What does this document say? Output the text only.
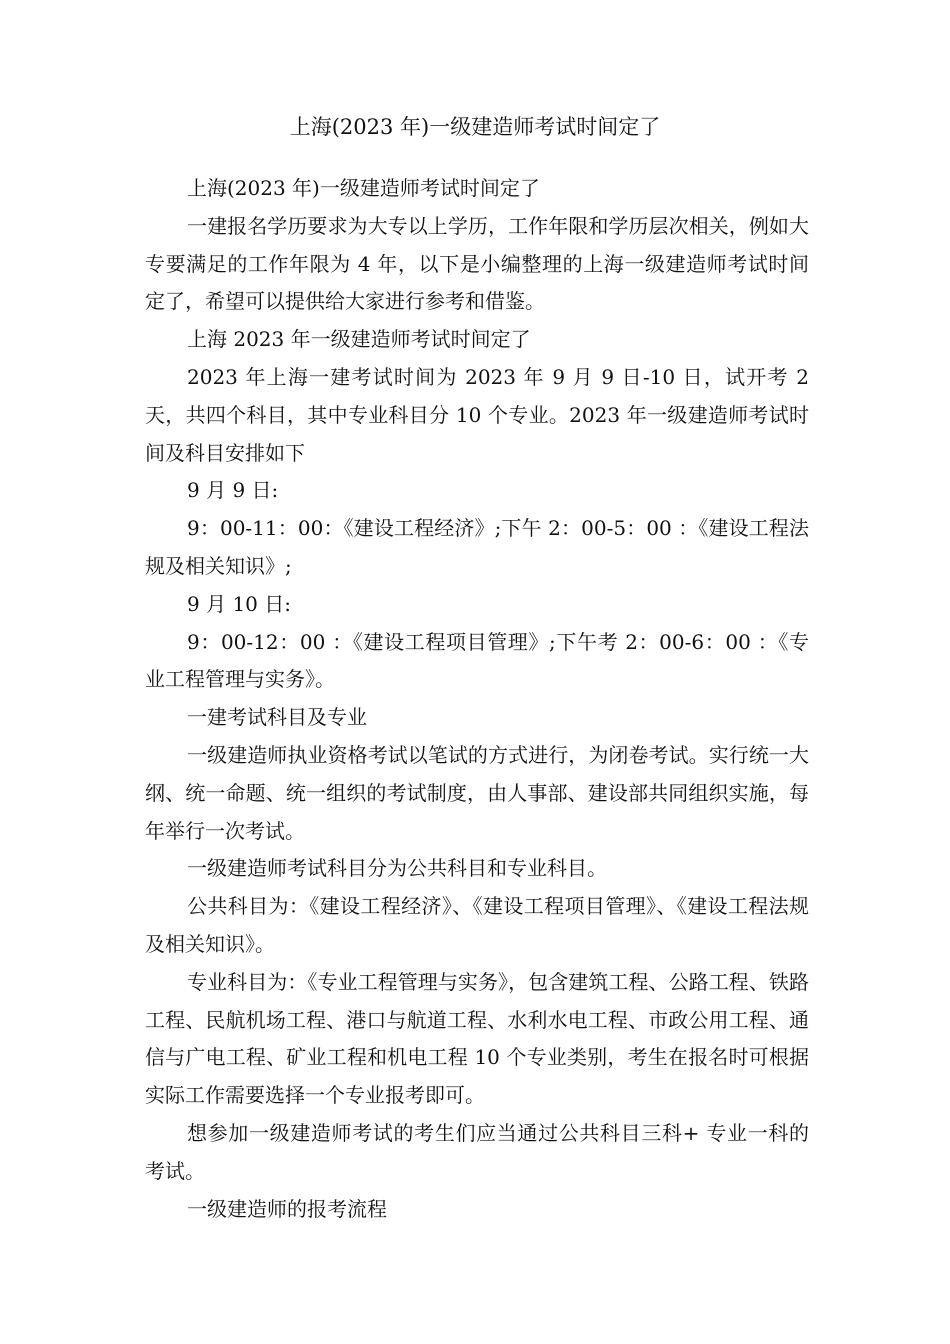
上海(2023 年)一级建造师考试时间定了

上海(2023 年)一级建造师考试时间定了

一建报名学历要求为大专以上学历，工作年限和学历层次相关，例如大专要满足的工作年限为 4 年，以下是小编整理的上海一级建造师考试时间定了，希望可以提供给大家进行参考和借鉴。

上海 2023 年一级建造师考试时间定了

2023 年上海一建考试时间为 2023 年 9 月 9 日-10 日，试开考 2 天，共四个科目，其中专业科目分 10 个专业。2023 年一级建造师考试时间及科目安排如下

9 月 9 日:

9：00-11：00：《建设工程经济》;下午 2：00-5：00 ：《建设工程法规及相关知识》;

9 月 10 日:

9：00-12：00 ：《建设工程项目管理》;下午考 2：00-6：00 ：《专业工程管理与实务》。

一建考试科目及专业

一级建造师执业资格考试以笔试的方式进行，为闭卷考试。实行统一大纲、统一命题、统一组织的考试制度，由人事部、建设部共同组织实施，每年举行一次考试。

一级建造师考试科目分为公共科目和专业科目。

公共科目为：《建设工程经济》、《建设工程项目管理》、《建设工程法规及相关知识》。

专业科目为：《专业工程管理与实务》，包含建筑工程、公路工程、铁路工程、民航机场工程、港口与航道工程、水利水电工程、市政公用工程、通信与广电工程、矿业工程和机电工程 10 个专业类别，考生在报名时可根据实际工作需要选择一个专业报考即可。

想参加一级建造师考试的考生们应当通过公共科目三科+ 专业一科的考试。

一级建造师的报考流程
